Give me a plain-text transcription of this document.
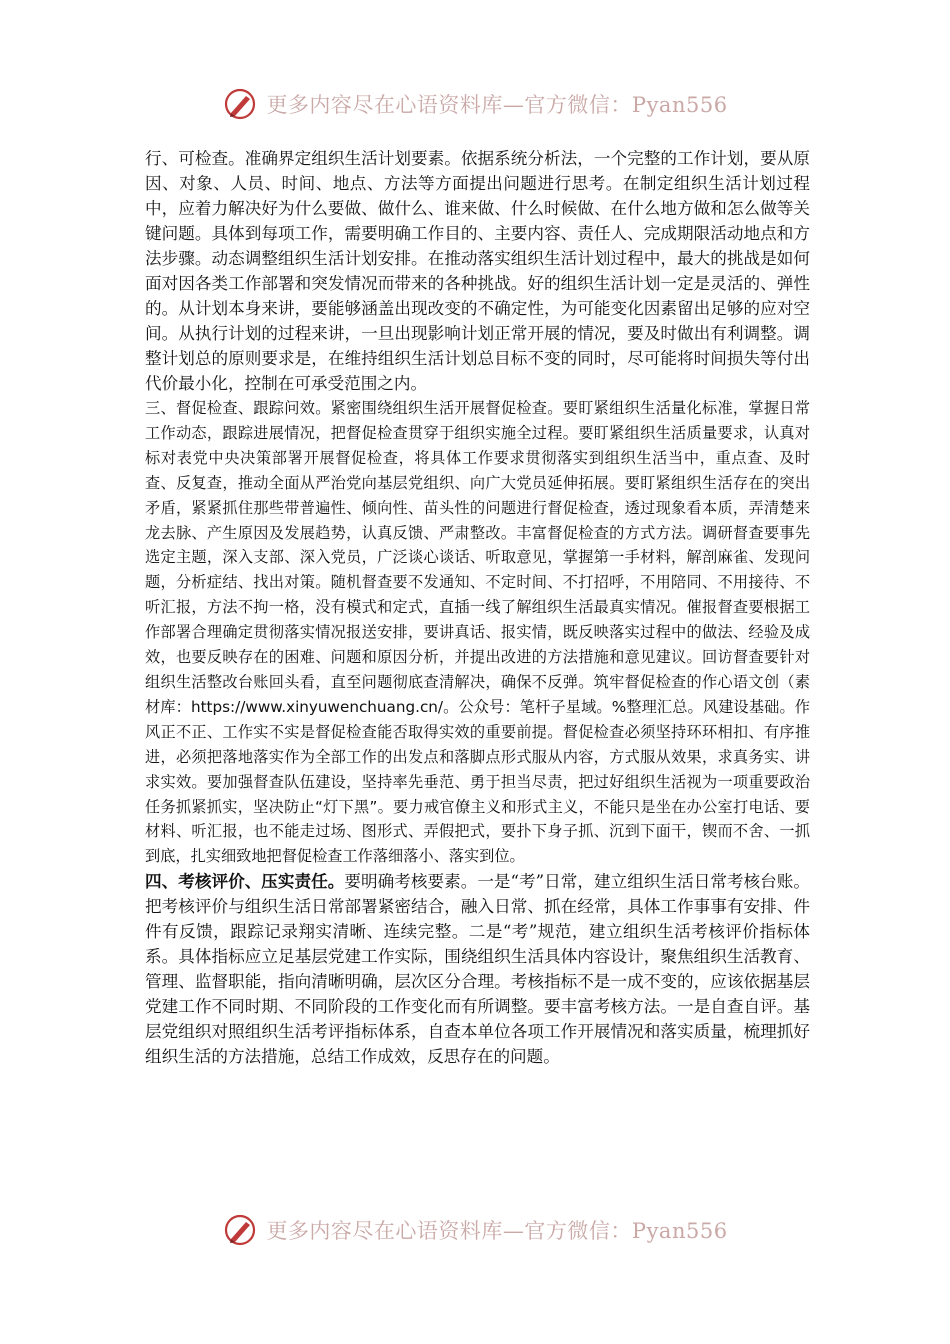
更多内容尽在心语资料库—官方微信：Pyan556

行、可检查。准确界定组织生活计划要素。依据系统分析法，一个完整的工作计划，要从原因、对象、人员、时间、地点、方法等方面提出问题进行思考。在制定组织生活计划过程中，应着力解决好为什么要做、做什么、谁来做、什么时候做、在什么地方做和怎么做等关键问题。具体到每项工作，需要明确工作目的、主要内容、责任人、完成期限活动地点和方法步骤。动态调整组织生活计划安排。在推动落实组织生活计划过程中，最大的挑战是如何面对因各类工作部署和突发情况而带来的各种挑战。好的组织生活计划一定是灵活的、弹性的。从计划本身来讲，要能够涵盖出现改变的不确定性，为可能变化因素留出足够的应对空间。从执行计划的过程来讲，一旦出现影响计划正常开展的情况，要及时做出有利调整。调整计划总的原则要求是，在维持组织生活计划总目标不变的同时，尽可能将时间损失等付出代价最小化，控制在可承受范围之内。

三、督促检查、跟踪问效。紧密围绕组织生活开展督促检查。要盯紧组织生活量化标准，掌握日常工作动态，跟踪进展情况，把督促检查贯穿于组织实施全过程。要盯紧组织生活质量要求，认真对标对表党中央决策部署开展督促检查，将具体工作要求贯彻落实到组织生活当中，重点查、及时查、反复查，推动全面从严治党向基层党组织、向广大党员延伸拓展。要盯紧组织生活存在的突出矛盾，紧紧抓住那些带普遍性、倾向性、苗头性的问题进行督促检查，透过现象看本质，弄清楚来龙去脉、产生原因及发展趋势，认真反馈、严肃整改。丰富督促检查的方式方法。调研督查要事先选定主题，深入支部、深入党员，广泛谈心谈话、听取意见，掌握第一手材料，解剖麻雀、发现问题，分析症结、找出对策。随机督查要不发通知、不定时间、不打招呼，不用陪同、不用接待、不听汇报，方法不拘一格，没有模式和定式，直插一线了解组织生活最真实情况。催报督查要根据工作部署合理确定贯彻落实情况报送安排，要讲真话、报实情，既反映落实过程中的做法、经验及成效，也要反映存在的困难、问题和原因分析，并提出改进的方法措施和意见建议。回访督查要针对组织生活整改台账回头看，直至问题彻底查清解决，确保不反弹。筑牢督促检查的作心语文创（素材库：https://www.xinyuwenchuang.cn/。公众号：笔杆子星域。%整理汇总。风建设基础。作风正不正、工作实不实是督促检查能否取得实效的重要前提。督促检查必须坚持环环相扣、有序推进，必须把落地落实作为全部工作的出发点和落脚点形式服从内容，方式服从效果，求真务实、讲求实效。要加强督查队伍建设，坚持率先垂范、勇于担当尽责，把过好组织生活视为一项重要政治任务抓紧抓实，坚决防止“灯下黑”。要力戒官僚主义和形式主义，不能只是坐在办公室打电话、要材料、听汇报，也不能走过场、图形式、弄假把式，要扑下身子抓、沉到下面干，锲而不舍、一抓到底，扎实细致地把督促检查工作落细落小、落实到位。

四、考核评价、压实责任。要明确考核要素。一是“考”日常，建立组织生活日常考核台账。把考核评价与组织生活日常部署紧密结合，融入日常、抓在经常，具体工作事事有安排、件件有反馈，跟踪记录翔实清晰、连续完整。二是“考”规范，建立组织生活考核评价指标体系。具体指标应立足基层党建工作实际，围绕组织生活具体内容设计，聚焦组织生活教育、管理、监督职能，指向清晰明确，层次区分合理。考核指标不是一成不变的，应该依据基层党建工作不同时期、不同阶段的工作变化而有所调整。要丰富考核方法。一是自查自评。基层党组织对照组织生活考评指标体系，自查本单位各项工作开展情况和落实质量，梳理抓好组织生活的方法措施，总结工作成效，反思存在的问题。

更多内容尽在心语资料库—官方微信：Pyan556
